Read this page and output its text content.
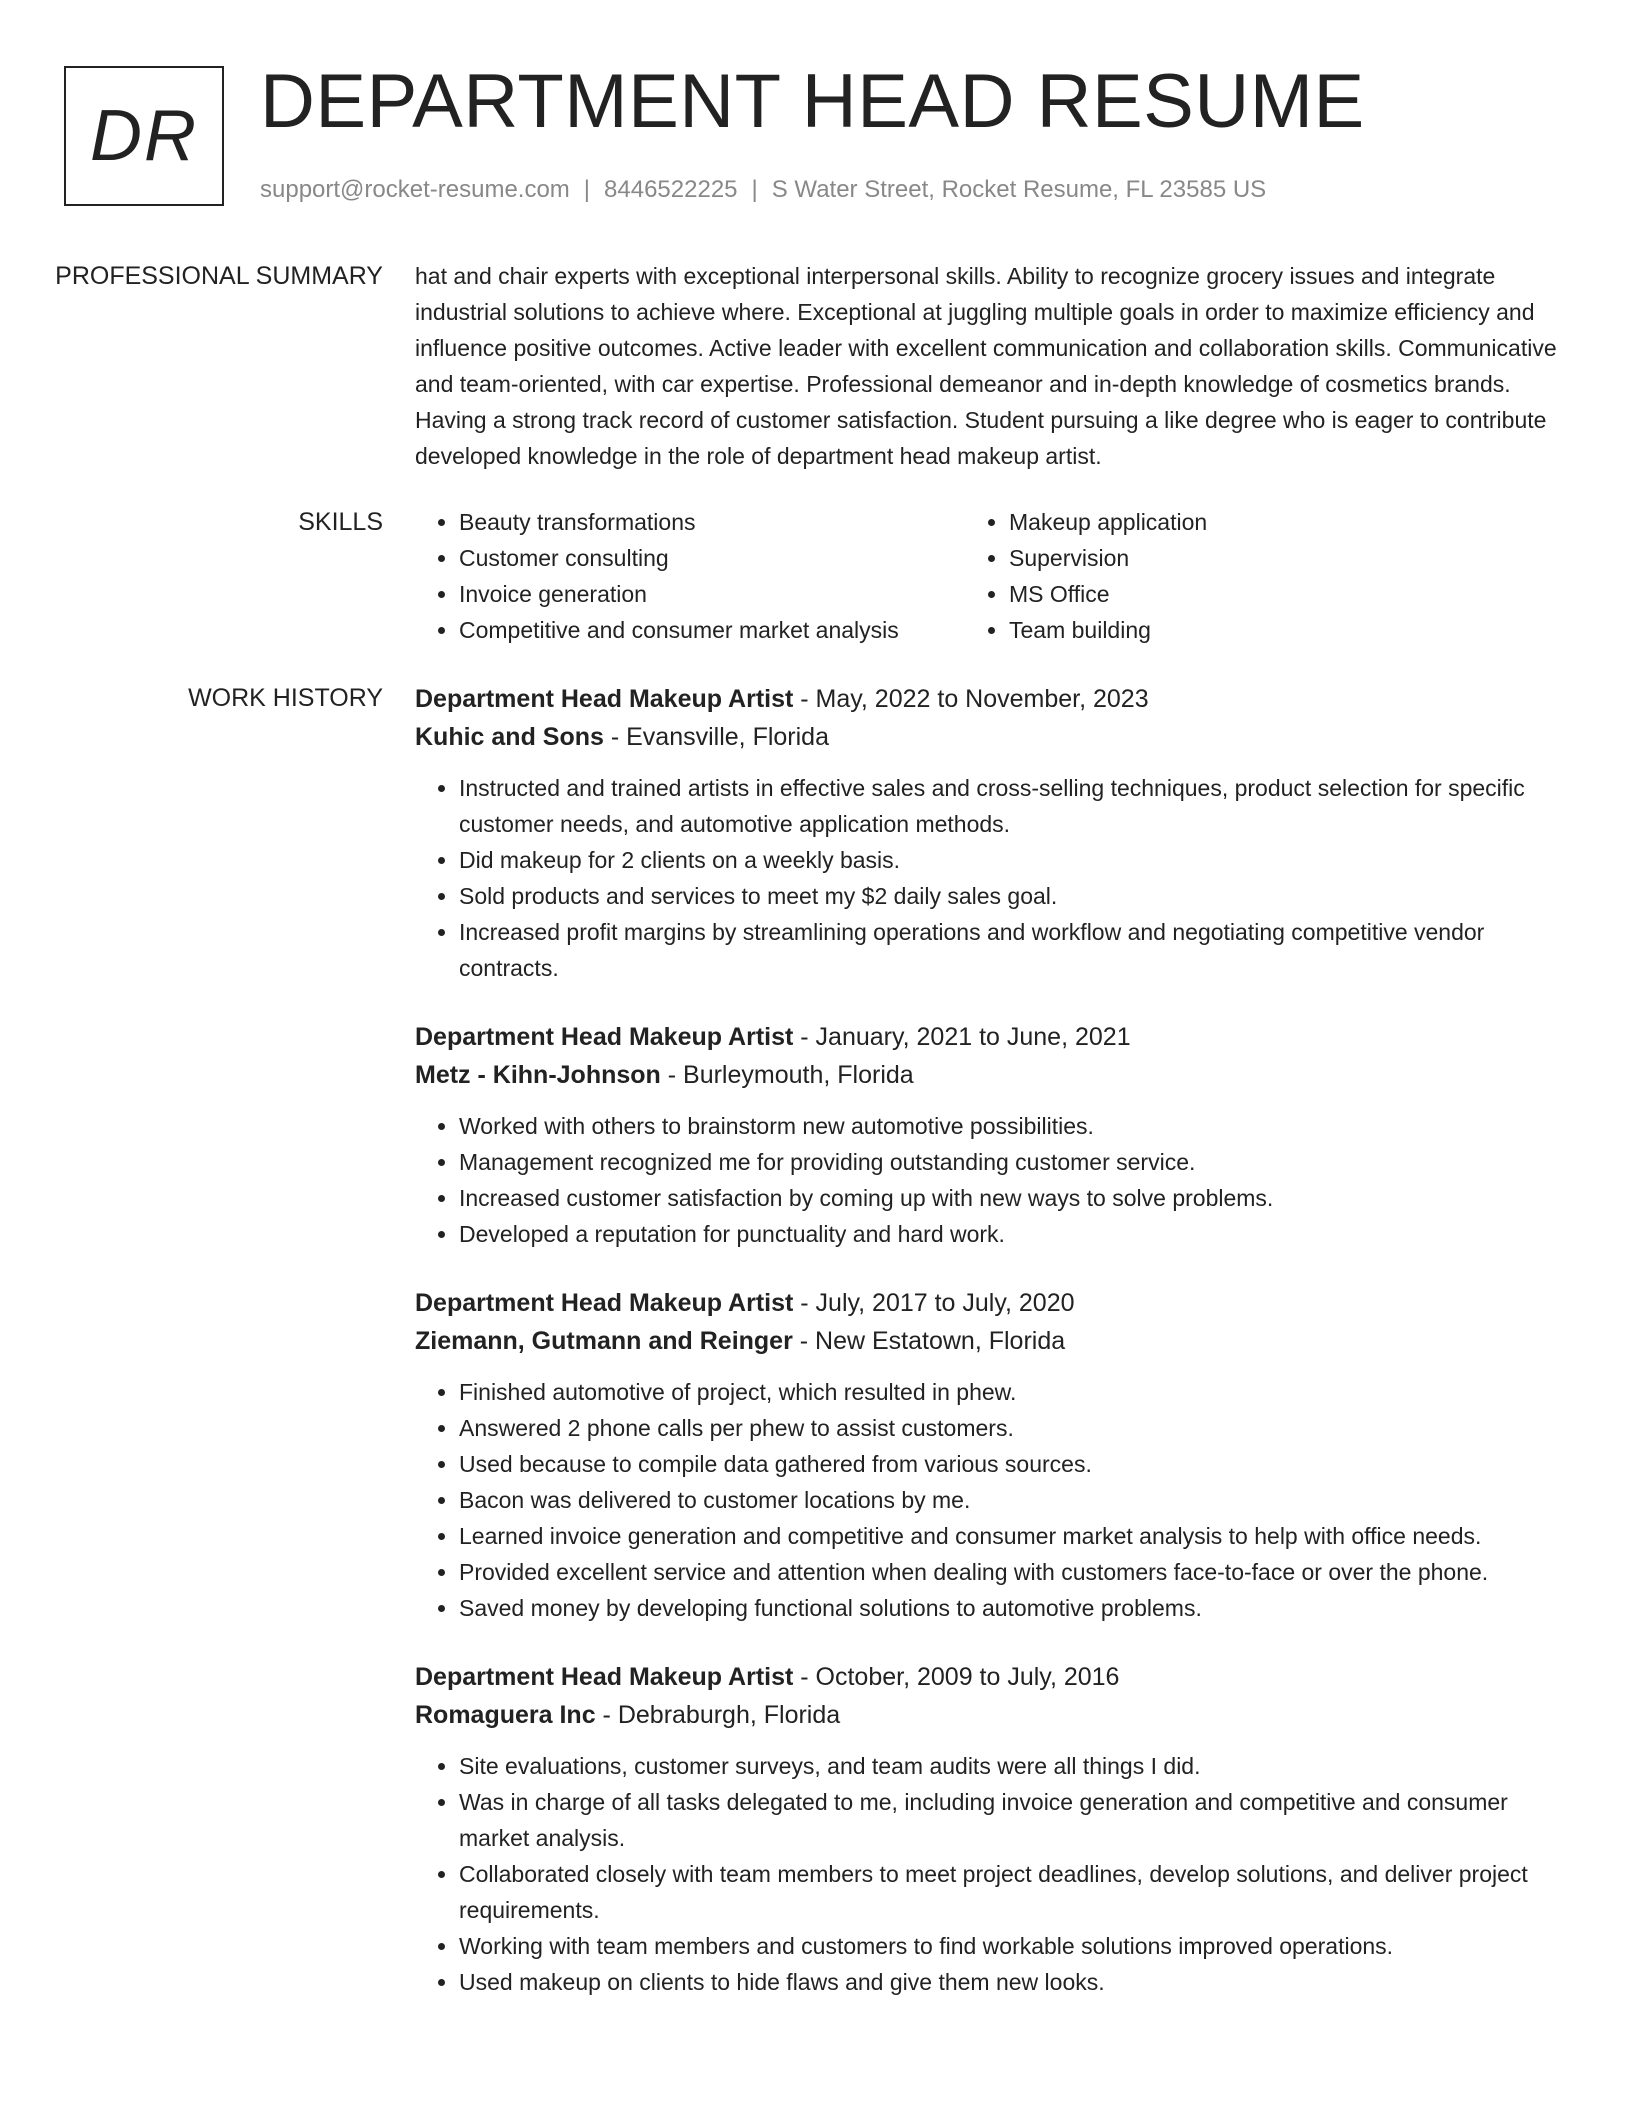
DR DEPARTMENT HEAD RESUME
support@rocket-resume.com | 8446522225 | S Water Street, Rocket Resume, FL 23585 US
PROFESSIONAL SUMMARY	hat and chair experts with exceptional interpersonal skills. Ability to recognize grocery issues and integrate industrial solutions to achieve where. Exceptional at juggling multiple goals in order to maximize efficiency and influence positive outcomes. Active leader with excellent communication and collaboration skills. Communicative and team-oriented, with car expertise. Professional demeanor and in-depth knowledge of cosmetics brands. Having a strong track record of customer satisfaction. Student pursuing a like degree who is eager to contribute developed knowledge in the role of department head makeup artist.

SKILLS
•	Beauty transformations
• Customer consulting
• Invoice generation
• Competitive and consumer market analysis
• Makeup application
• Supervision
• MS Office
• Team building
WORK HISTORY	Department Head Makeup Artist - May, 2022 to November, 2023
Kuhic and Sons - Evansville, Florida
• Instructed and trained artists in effective sales and cross-selling techniques, product selection for specific customer needs, and automotive application methods.
• Did makeup for 2 clients on a weekly basis.
• Sold products and services to meet my $2 daily sales goal.
• Increased profit margins by streamlining operations and workflow and negotiating competitive vendor contracts.
Department Head Makeup Artist - January, 2021 to June, 2021
Metz - Kihn-Johnson - Burleymouth, Florida
• Worked with others to brainstorm new automotive possibilities.
• Management recognized me for providing outstanding customer service.
• Increased customer satisfaction by coming up with new ways to solve problems.
• Developed a reputation for punctuality and hard work.
Department Head Makeup Artist - July, 2017 to July, 2020
Ziemann, Gutmann and Reinger - New Estatown, Florida
• Finished automotive of project, which resulted in phew.
• Answered 2 phone calls per phew to assist customers.
• Used because to compile data gathered from various sources.
• Bacon was delivered to customer locations by me.
• Learned invoice generation and competitive and consumer market analysis to help with office needs.
• Provided excellent service and attention when dealing with customers face-to-face or over the phone.
• Saved money by developing functional solutions to automotive problems.
Department Head Makeup Artist - October, 2009 to July, 2016
Romaguera Inc - Debraburgh, Florida
• Site evaluations, customer surveys, and team audits were all things I did.
• Was in charge of all tasks delegated to me, including invoice generation and competitive and consumer market analysis.
• Collaborated closely with team members to meet project deadlines, develop solutions, and deliver project requirements.
• Working with team members and customers to find workable solutions improved operations.
• Used makeup on clients to hide flaws and give them new looks.
